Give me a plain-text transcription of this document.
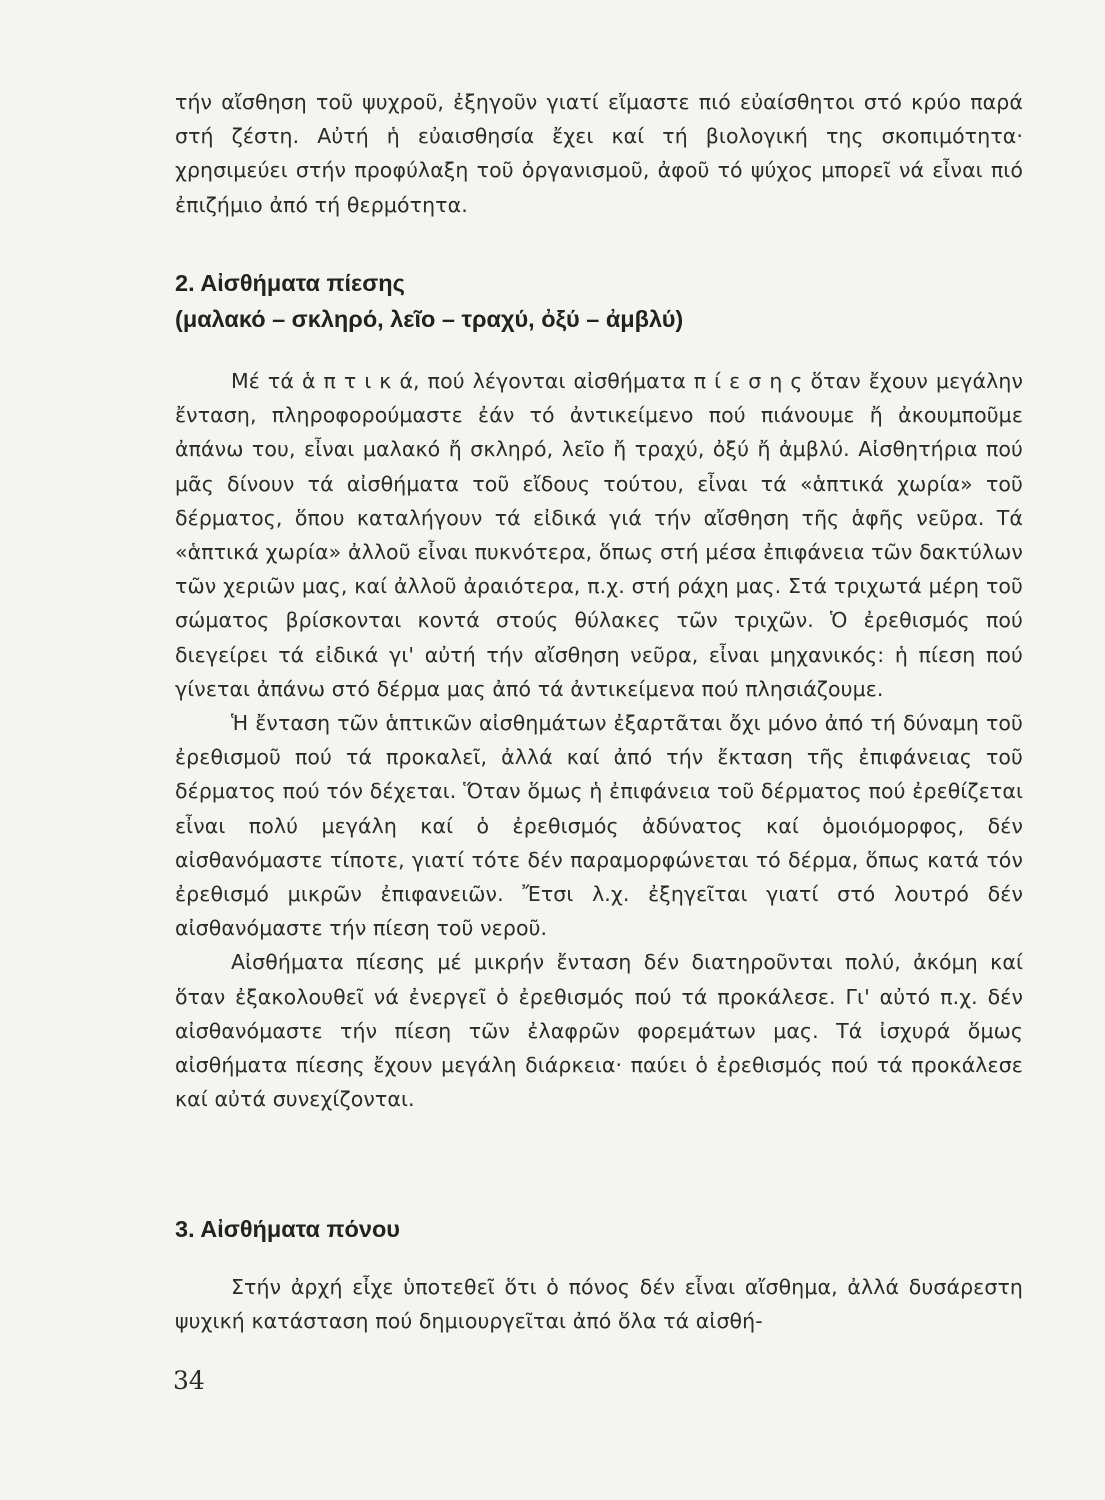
τήν αἴσθηση τοῦ ψυχροῦ, ἐξηγοῦν γιατί εἴμαστε πιό εὐαίσθητοι στό κρύο παρά στή ζέστη. Αὐτή ἡ εὐαισθησία ἔχει καί τή βιολογική της σκοπιμότητα· χρησιμεύει στήν προφύλαξη τοῦ ὀργανισμοῦ, ἀφοῦ τό ψύχος μπορεῖ νά εἶναι πιό ἐπιζήμιο ἀπό τή θερμότητα.

2. Αἰσθήματα πίεσης
(μαλακό – σκληρό, λεῖο – τραχύ, ὀξύ – ἀμβλύ)

Μέ τά ἁ π τ ι κ ά, πού λέγονται αἰσθήματα π ί ε σ η ς ὅταν ἔχουν μεγάλην ἔνταση, πληροφορούμαστε ἐάν τό ἀντικείμενο πού πιάνουμε ἤ ἀκουμποῦμε ἀπάνω του, εἶναι μαλακό ἤ σκληρό, λεῖο ἤ τραχύ, ὀξύ ἤ ἀμβλύ. Αἰσθητήρια πού μᾶς δίνουν τά αἰσθήματα τοῦ εἴδους τούτου, εἶναι τά «ἁπτικά χωρία» τοῦ δέρματος, ὅπου καταλήγουν τά εἰδικά γιά τήν αἴσθηση τῆς ἁφῆς νεῦρα. Τά «ἁπτικά χωρία» ἀλλοῦ εἶναι πυκνότερα, ὅπως στή μέσα ἐπιφάνεια τῶν δακτύλων τῶν χεριῶν μας, καί ἀλλοῦ ἀραιότερα, π.χ. στή ράχη μας. Στά τριχωτά μέρη τοῦ σώματος βρίσκονται κοντά στούς θύλακες τῶν τριχῶν. Ὁ ἐρεθισμός πού διεγείρει τά εἰδικά γι' αὐτή τήν αἴσθηση νεῦρα, εἶναι μηχανικός: ἡ πίεση πού γίνεται ἀπάνω στό δέρμα μας ἀπό τά ἀντικείμενα πού πλησιάζουμε.

Ἡ ἔνταση τῶν ἁπτικῶν αἰσθημάτων ἐξαρτᾶται ὄχι μόνο ἀπό τή δύναμη τοῦ ἐρεθισμοῦ πού τά προκαλεῖ, ἀλλά καί ἀπό τήν ἔκταση τῆς ἐπιφάνειας τοῦ δέρματος πού τόν δέχεται. Ὅταν ὅμως ἡ ἐπιφάνεια τοῦ δέρματος πού ἐρεθίζεται εἶναι πολύ μεγάλη καί ὁ ἐρεθισμός ἀδύνατος καί ὁμοιόμορφος, δέν αἰσθανόμαστε τίποτε, γιατί τότε δέν παραμορφώνεται τό δέρμα, ὅπως κατά τόν ἐρεθισμό μικρῶν ἐπιφανειῶν. Ἔτσι λ.χ. ἐξηγεῖται γιατί στό λουτρό δέν αἰσθανόμαστε τήν πίεση τοῦ νεροῦ.

Αἰσθήματα πίεσης μέ μικρήν ἔνταση δέν διατηροῦνται πολύ, ἀκόμη καί ὅταν ἐξακολουθεῖ νά ἐνεργεῖ ὁ ἐρεθισμός πού τά προκάλεσε. Γι' αὐτό π.χ. δέν αἰσθανόμαστε τήν πίεση τῶν ἐλαφρῶν φορεμάτων μας. Τά ἰσχυρά ὅμως αἰσθήματα πίεσης ἔχουν μεγάλη διάρκεια· παύει ὁ ἐρεθισμός πού τά προκάλεσε καί αὐτά συνεχίζονται.

3. Αἰσθήματα πόνου

Στήν ἀρχή εἶχε ὑποτεθεῖ ὅτι ὁ πόνος δέν εἶναι αἴσθημα, ἀλλά δυσάρεστη ψυχική κατάσταση πού δημιουργεῖται ἀπό ὅλα τά αἰσθή-

34
